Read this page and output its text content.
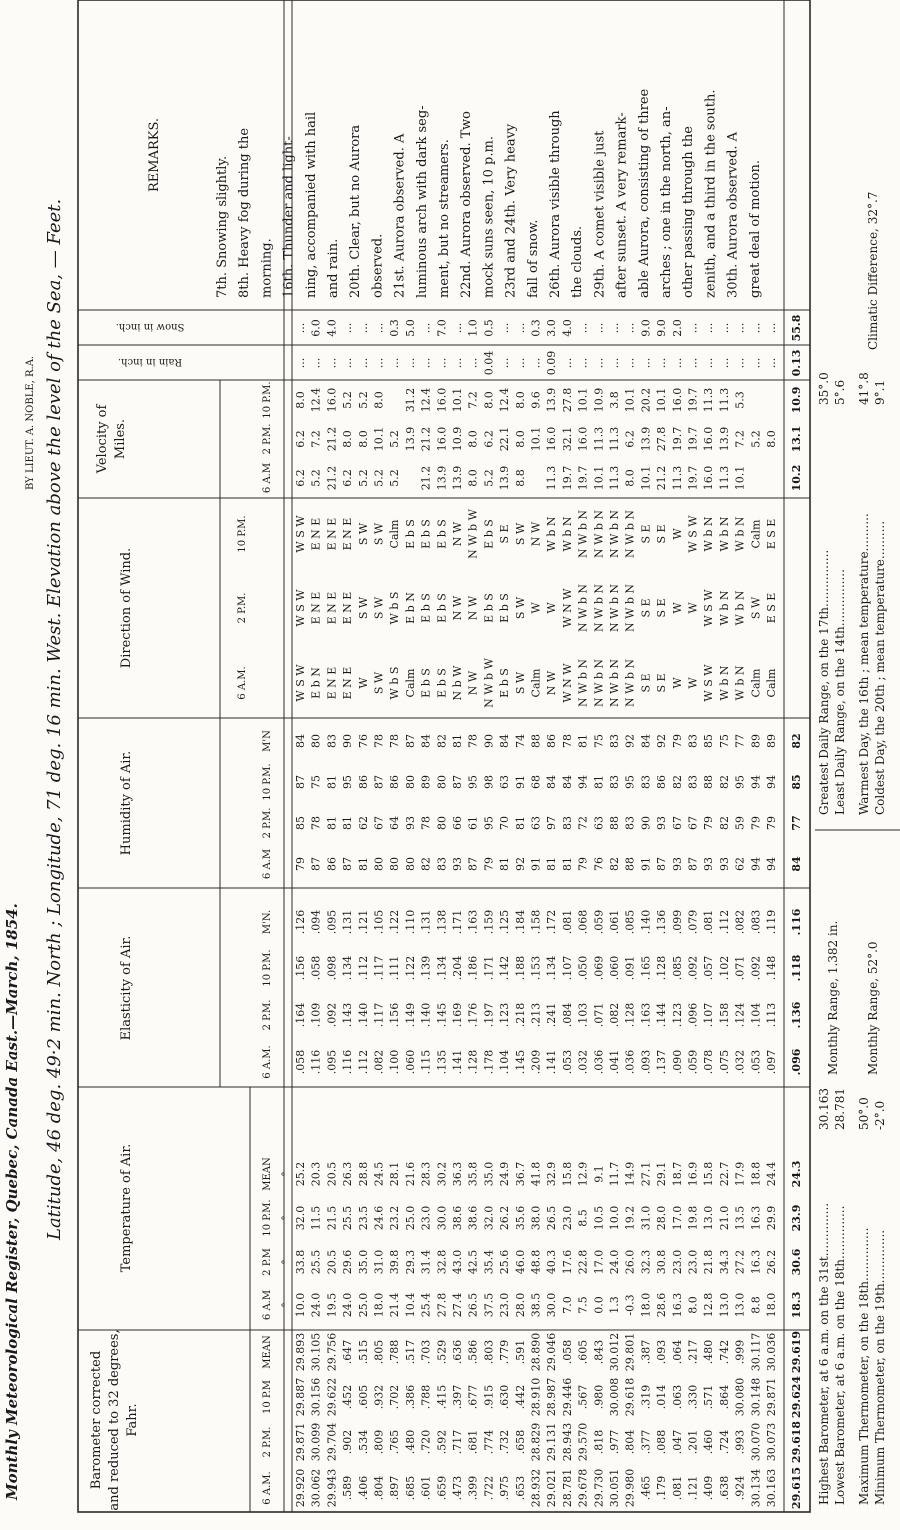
Monthly Meteorological Register, Quebec, Canada East.—March, 1854.
BY LIEUT. A. NOBLE, R.A. Latitude, 46 deg. 49·2 min. North ; Longitude, 71 deg. 16 min. West. Elevation above the level of the Sea, — Feet.
Barometer corrected and reduced to 32 degrees, Fahr.
Temperature of Air.
Elasticity of Air.
Humidity of Air.
Direction of Wind.
Velocity of Miles.
REMARKS.
Rain in inch.
Snow in inch.
6 A.M.
2 P.M.
10 P.M
MEAN
6 A.M
2 P.M
10 P.M.
MEAN
6 A.M.
2 P.M.
10 P.M.
M'N.
6 A.M
2 P.M.
10 P.M.
M'N
6 A.M.
2 P.M.
10 P.M.
6 A.M
2 P.M.
10 P.M.
°
°
°
°
29.920 30.062 29.943 .589 .406 .804 .897 .685 .601 .659 .473 .399 .722 .975 .653 28.932 29.021 28.781 29.678 29.730 30.051 29.980 .465 .179 .081 .121 .409 .638 .924 30.134 30.163
29.871 30.099 29.704 .902 .534 .809 .765 .480 .720 .592 .717 .681 .774 .732 .658 28.829 29.131 28.943 29.570 .818 .977 .804 .377 .088 .047 .201 .460 .724 .993 30.070 30.073
29.887 30.156 29.622 .452 .605 .932 .702 .386 .788 .415 .397 .677 .915 .630 .442 28.910 28.987 29.446 .567 .980 30.008 29.618 .319 .014 .063 .330 .571 .864 30.080 30.148 29.871
29.893 30.105 29.756 .647 .515 .805 .788 .517 .703 .529 .636 .586 .803 .779 .591 28.890 29.046 .058 .605 .843 30.012 29.801 .387 .093 .064 .217 .480 .742 .999 30.117 30.036
10.0 24.0 19.5 24.0 25.0 18.0 21.4 10.4 25.4 27.8 27.4 26.5 37.5 23.0 28.0 38.5 30.0 7.0 7.5 0.0 1.3 -0.3 18.0 28.6 16.3 8.0 12.8 13.0 13.0 8.8 18.0
33.8 25.5 20.5 29.6 35.0 31.0 39.8 29.3 31.4 32.8 43.0 42.5 35.4 25.6 46.0 48.8 40.3 17.6 22.8 17.0 24.0 26.0 32.3 30.8 23.0 23.0 21.8 34.3 27.2 16.3 26.2
32.0 11.5 21.5 25.5 23.5 24.6 23.2 25.0 23.0 30.0 38.6 38.6 32.0 26.2 35.6 38.0 26.5 23.0 8.5 10.5 10.0 19.2 31.0 28.0 17.0 19.8 13.0 21.0 13.5 16.3 29.9
25.2 20.3 20.5 26.3 28.8 24.5 28.1 21.6 28.3 30.2 36.3 35.8 35.0 24.9 36.7 41.8 32.9 15.8 12.9 9.1 11.7 14.9 27.1 29.1 18.7 16.9 15.8 22.7 17.9 18.8 24.4
.058 .116 .095 .116 .112 .082 .100 .060 .115 .135 .141 .128 .178 .104 .145 .209 .141 .053 .032 .036 .041 .036 .093 .137 .090 .059 .078 .075 .032 .053 .097
.164 .109 .092 .143 .140 .117 .156 .149 .140 .145 .169 .176 .197 .123 .218 .213 .241 .084 .103 .071 .082 .128 .163 .144 .123 .096 .107 .158 .124 .104 .113
.156 .058 .098 .134 .112 .117 .111 .122 .139 .134 .204 .186 .171 .142 .188 .153 .134 .107 .050 .069 .060 .091 .165 .128 .085 .092 .057 .102 .071 .092 .148
.126 .094 .095 .131 .121 .105 .122 .110 .131 .138 .171 .163 .159 .125 .184 .158 .172 .081 .068 .059 .061 .085 .140 .136 .099 .079 .081 .112 .082 .083 .119
79 87 86 87 81 80 80 80 82 83 93 87 79 81 92 91 81 81 79 76 82 88 91 87 93 87 93 93 62 94 94
85 78 81 81 62 67 64 93 78 80 66 61 95 70 81 63 97 83 72 63 88 83 90 93 67 67 79 82 59 79 79
87 75 81 95 86 87 86 80 89 80 87 95 98 63 91 68 84 84 94 81 83 95 83 86 82 83 88 82 95 94 94
84 80 83 90 76 78 78 87 84 82 81 78 90 84 74 88 86 78 81 75 83 92 84 92 79 83 85 75 77 89 89
W S W E b N E N E E N E W S W W b S Calm E b S E b S N b W N W N W b W E b S S W Calm N W W N W N W b N N W b N N W b N N W b N S E S E W W W S W W b N W b N Calm Calm
W S W E N E E N E E N E S W S W W b S E b N E b S E b S N W N W E b S E b S S W W W W N W N W b N N W b N N W b N N W b N S E S E W W W S W W b N W b N S W E S E
W S W E N E E N E E N E S W S W Calm E b S E b S E b S N W N W b W E b S S E S W N W W b N W b N N W b N N W b N N W b N N W b N S E S E W W S W W b N W b N W b N Calm E S E
6.2 5.2 21.2 6.2 5.2 5.2 5.2 21.2 13.9 13.9 8.0 5.2 13.9 8.8 11.3 19.7 19.7 10.1 11.3 8.0 10.1 21.2 11.3 19.7 16.0 11.3 10.1
6.2 7.2 21.2 8.0 8.0 10.1 5.2 13.9 21.2 16.0 10.9 8.0 6.2 22.1 8.0 10.1 16.0 32.1 16.0 11.3 11.3 6.2 13.9 27.8 19.7 19.7 16.0 13.9 7.2 5.2 8.0
8.0 12.4 16.0 5.2 5.2 8.0 31.2 12.4 16.0 10.1 7.2 8.0 12.4 8.0 9.6 13.9 27.8 10.1 10.9 3.8 10.1 20.2 10.1 16.0 19.7 11.3 11.3 5.3
... ... ... ... ... ... ... ... ... ... ... ... 0.04 ... ... ... 0.09 ... ... ... ... ... ... ... ... ... ... ... ... ... ...
... 6.0 4.0 ... ... ... 0.3 5.0 ... 7.0 ... 1.0 0.5 ... ... 0.3 3.0 4.0 ... ... ... ... 9.0 9.0 2.0 ... ... ... ... ... ...
29.615
29.618
29.624
29.619
18.3
30.6
23.9
24.3
.096
.136
.118
.116
84
77
85
82
10.2
13.1
10.9
0.13
55.8
7th. Snowing slightly. 8th. Heavy fog during the morning. 16th. Thunder and light- ning, accompanied with hail and rain. 20th. Clear, but no Aurora observed. 21st. Aurora observed. A luminous arch with dark seg- ment, but no streamers. 22nd. Aurora observed. Two mock suns seen, 10 p.m. 23rd and 24th. Very heavy fall of snow. 26th. Aurora visible through the clouds. 29th. A comet visible just after sunset. A very remark- able Aurora, consisting of three arches ; one in the north, an- other passing through the zenith, and a third in the south. 30th. Aurora observed. A great deal of motion.
Highest Barometer, at 6 a.m. on the 31st..............
30.163
Lowest Barometer, at 6 a.m. on the 18th..............
28.781
Monthly Range, 1.382 in.
Maximum Thermometer, on the 18th..............
50°.0
Minimum Thermometer, on the 19th..............
-2°.0
Monthly Range, 52°.0
Greatest Daily Range, on the 17th...............
35°.0
Least Daily Range, on the 14th...............
5°.6
Warmest Day, the 16th ; mean temperature..........
41°.8
Coldest Day, the 20th ; mean temperature..........
9°.1
Climatic Difference, 32°.7
